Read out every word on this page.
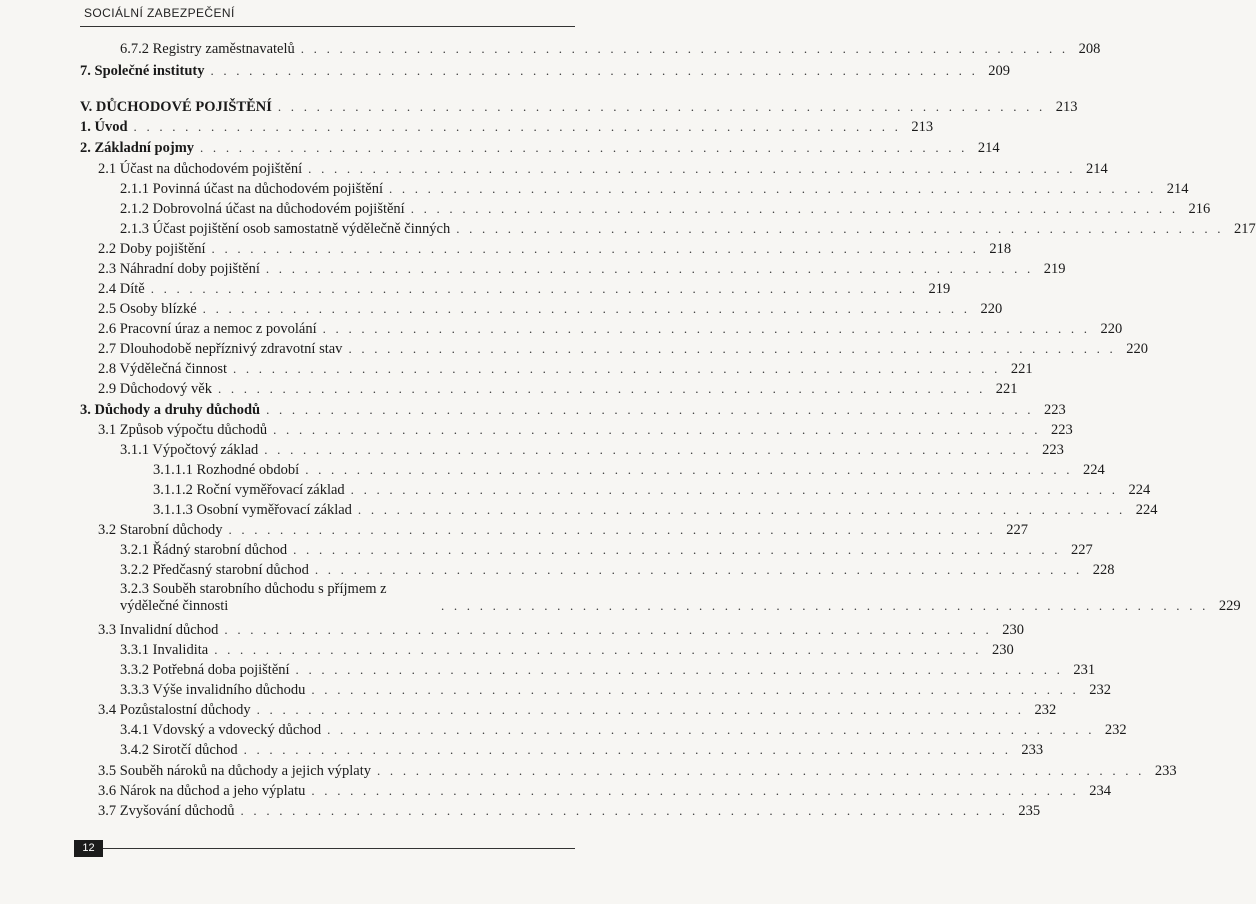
SOCIÁLNÍ ZABEZPEČENÍ
6.7.2 Registry zaměstnavatelů . . . . . . . . . . . . . . . . . . . . . . . . . . . . . . . . . . . . . . . . . . . . . . . . . . . . . . . . . . . . 208
7. Společné instituty . . . . . . . . . . . . . . . . . . . . . . . . . . . . . . . . . . . . . . . . . . . . . . . . . . . . . . . . . . . . 209
V. DŮCHODOVÉ POJIŠTĚNÍ . . . . . . . . . . . . . . . . . . . . . . . . . . . . . . . . . . . . . . . . . . . . . . . . . . . . . . . . . . . . 213
1. Úvod . . . . . . . . . . . . . . . . . . . . . . . . . . . . . . . . . . . . . . . . . . . . . . . . . . . . . . . . . . . . 213
2. Základní pojmy . . . . . . . . . . . . . . . . . . . . . . . . . . . . . . . . . . . . . . . . . . . . . . . . . . . . . . . . . . . . 214
2.1 Účast na důchodovém pojištění . . . . . . . . . . . . . . . . . . . . . . . . . . . . . . . . . . . . . . . . . . . . . . . . . . . . . . . . . . . . 214
2.1.1 Povinná účast na důchodovém pojištění . . . . . . . . . . . . . . . . . . . . . . . . . . . . . . . . . . . . . . . . . . . . . . . . . . . . . . . . . . . . 214
2.1.2 Dobrovolná účast na důchodovém pojištění . . . . . . . . . . . . . . . . . . . . . . . . . . . . . . . . . . . . . . . . . . . . . . . . . . . . . . . . . . . . 216
2.1.3 Účast pojištění osob samostatně výdělečně činných . . . . . . . . . . . . . . . . . . . . . . . . . . . . . . . . . . . . . . . . . . . . . . . . . . . . . . . . . . . . 217
2.2 Doby pojištění . . . . . . . . . . . . . . . . . . . . . . . . . . . . . . . . . . . . . . . . . . . . . . . . . . . . . . . . . . . . 218
2.3 Náhradní doby pojištění . . . . . . . . . . . . . . . . . . . . . . . . . . . . . . . . . . . . . . . . . . . . . . . . . . . . . . . . . . . . 219
2.4 Dítě . . . . . . . . . . . . . . . . . . . . . . . . . . . . . . . . . . . . . . . . . . . . . . . . . . . . . . . . . . . . 219
2.5 Osoby blízké . . . . . . . . . . . . . . . . . . . . . . . . . . . . . . . . . . . . . . . . . . . . . . . . . . . . . . . . . . . . 220
2.6 Pracovní úraz a nemoc z povolání . . . . . . . . . . . . . . . . . . . . . . . . . . . . . . . . . . . . . . . . . . . . . . . . . . . . . . . . . . . . 220
2.7 Dlouhodobě nepříznivý zdravotní stav . . . . . . . . . . . . . . . . . . . . . . . . . . . . . . . . . . . . . . . . . . . . . . . . . . . . . . . . . . . . 220
2.8 Výdělečná činnost . . . . . . . . . . . . . . . . . . . . . . . . . . . . . . . . . . . . . . . . . . . . . . . . . . . . . . . . . . . . 221
2.9 Důchodový věk . . . . . . . . . . . . . . . . . . . . . . . . . . . . . . . . . . . . . . . . . . . . . . . . . . . . . . . . . . . . 221
3. Důchody a druhy důchodů . . . . . . . . . . . . . . . . . . . . . . . . . . . . . . . . . . . . . . . . . . . . . . . . . . . . . . . . . . . . 223
3.1 Způsob výpočtu důchodů . . . . . . . . . . . . . . . . . . . . . . . . . . . . . . . . . . . . . . . . . . . . . . . . . . . . . . . . . . . . 223
3.1.1 Výpočtový základ . . . . . . . . . . . . . . . . . . . . . . . . . . . . . . . . . . . . . . . . . . . . . . . . . . . . . . . . . . . . 223
3.1.1.1 Rozhodné období . . . . . . . . . . . . . . . . . . . . . . . . . . . . . . . . . . . . . . . . . . . . . . . . . . . . . . . . . . . . 224
3.1.1.2 Roční vyměřovací základ . . . . . . . . . . . . . . . . . . . . . . . . . . . . . . . . . . . . . . . . . . . . . . . . . . . . . . . . . . . . 224
3.1.1.3 Osobní vyměřovací základ . . . . . . . . . . . . . . . . . . . . . . . . . . . . . . . . . . . . . . . . . . . . . . . . . . . . . . . . . . . . 224
3.2 Starobní důchody . . . . . . . . . . . . . . . . . . . . . . . . . . . . . . . . . . . . . . . . . . . . . . . . . . . . . . . . . . . . 227
3.2.1 Řádný starobní důchod . . . . . . . . . . . . . . . . . . . . . . . . . . . . . . . . . . . . . . . . . . . . . . . . . . . . . . . . . . . . 227
3.2.2 Předčasný starobní důchod . . . . . . . . . . . . . . . . . . . . . . . . . . . . . . . . . . . . . . . . . . . . . . . . . . . . . . . . . . . . 228
3.2.3 Souběh starobního důchodu s příjmem z výdělečné činnosti	. . . . . . . . . . . . . . . . . . . . . . . . . . . . . . . . . . . . . . . . . . . . . . . . . . . . . . . . . . . . 229
3.3 Invalidní důchod . . . . . . . . . . . . . . . . . . . . . . . . . . . . . . . . . . . . . . . . . . . . . . . . . . . . . . . . . . . . 230
3.3.1 Invalidita . . . . . . . . . . . . . . . . . . . . . . . . . . . . . . . . . . . . . . . . . . . . . . . . . . . . . . . . . . . . 230
3.3.2 Potřebná doba pojištění . . . . . . . . . . . . . . . . . . . . . . . . . . . . . . . . . . . . . . . . . . . . . . . . . . . . . . . . . . . . 231
3.3.3 Výše invalidního důchodu . . . . . . . . . . . . . . . . . . . . . . . . . . . . . . . . . . . . . . . . . . . . . . . . . . . . . . . . . . . . 232
3.4 Pozůstalostní důchody . . . . . . . . . . . . . . . . . . . . . . . . . . . . . . . . . . . . . . . . . . . . . . . . . . . . . . . . . . . . 232
3.4.1 Vdovský a vdovecký důchod . . . . . . . . . . . . . . . . . . . . . . . . . . . . . . . . . . . . . . . . . . . . . . . . . . . . . . . . . . . . 232
3.4.2 Sirotčí důchod . . . . . . . . . . . . . . . . . . . . . . . . . . . . . . . . . . . . . . . . . . . . . . . . . . . . . . . . . . . . 233
3.5 Souběh nároků na důchody a jejich výplaty . . . . . . . . . . . . . . . . . . . . . . . . . . . . . . . . . . . . . . . . . . . . . . . . . . . . . . . . . . . . 233
3.6 Nárok na důchod a jeho výplatu . . . . . . . . . . . . . . . . . . . . . . . . . . . . . . . . . . . . . . . . . . . . . . . . . . . . . . . . . . . . 234
3.7 Zvyšování důchodů . . . . . . . . . . . . . . . . . . . . . . . . . . . . . . . . . . . . . . . . . . . . . . . . . . . . . . . . . . . . 235
12
